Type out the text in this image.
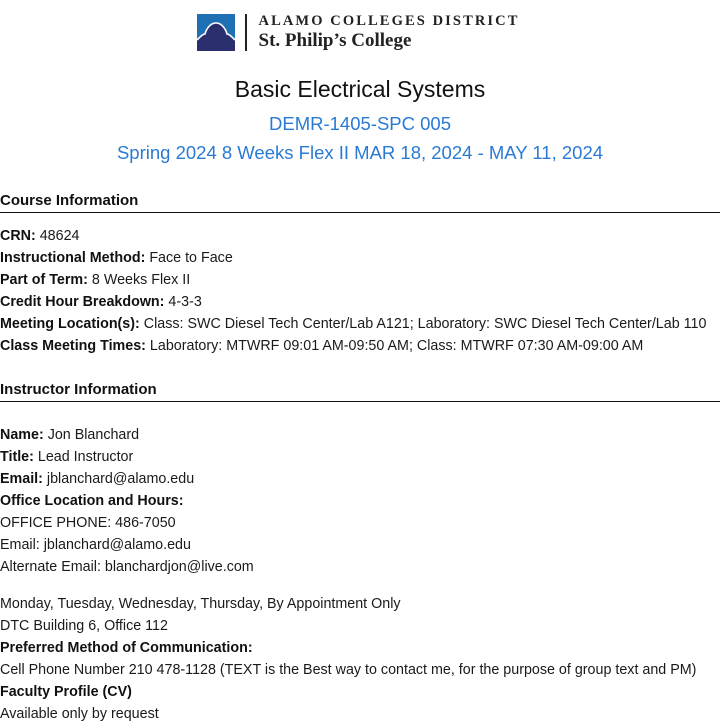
ALAMO COLLEGES DISTRICT
St. Philip’s College
Basic Electrical Systems
DEMR-1405-SPC 005
Spring 2024 8 Weeks Flex II MAR 18, 2024 - MAY 11, 2024
Course Information
CRN: 48624
Instructional Method: Face to Face
Part of Term: 8 Weeks Flex II
Credit Hour Breakdown: 4-3-3
Meeting Location(s): Class: SWC Diesel Tech Center/Lab A121; Laboratory: SWC Diesel Tech Center/Lab 110
Class Meeting Times: Laboratory: MTWRF 09:01 AM-09:50 AM; Class: MTWRF 07:30 AM-09:00 AM
Instructor Information
Name: Jon Blanchard
Title: Lead Instructor
Email: jblanchard@alamo.edu
Office Location and Hours:
OFFICE PHONE: 486-7050
Email: jblanchard@alamo.edu
Alternate Email: blanchardjon@live.com
Monday, Tuesday, Wednesday, Thursday, By Appointment Only
DTC Building 6, Office 112
Preferred Method of Communication:
Cell Phone Number 210 478-1128 (TEXT is the Best way to contact me, for the purpose of group text and PM)
Faculty Profile (CV)
Available only by request
